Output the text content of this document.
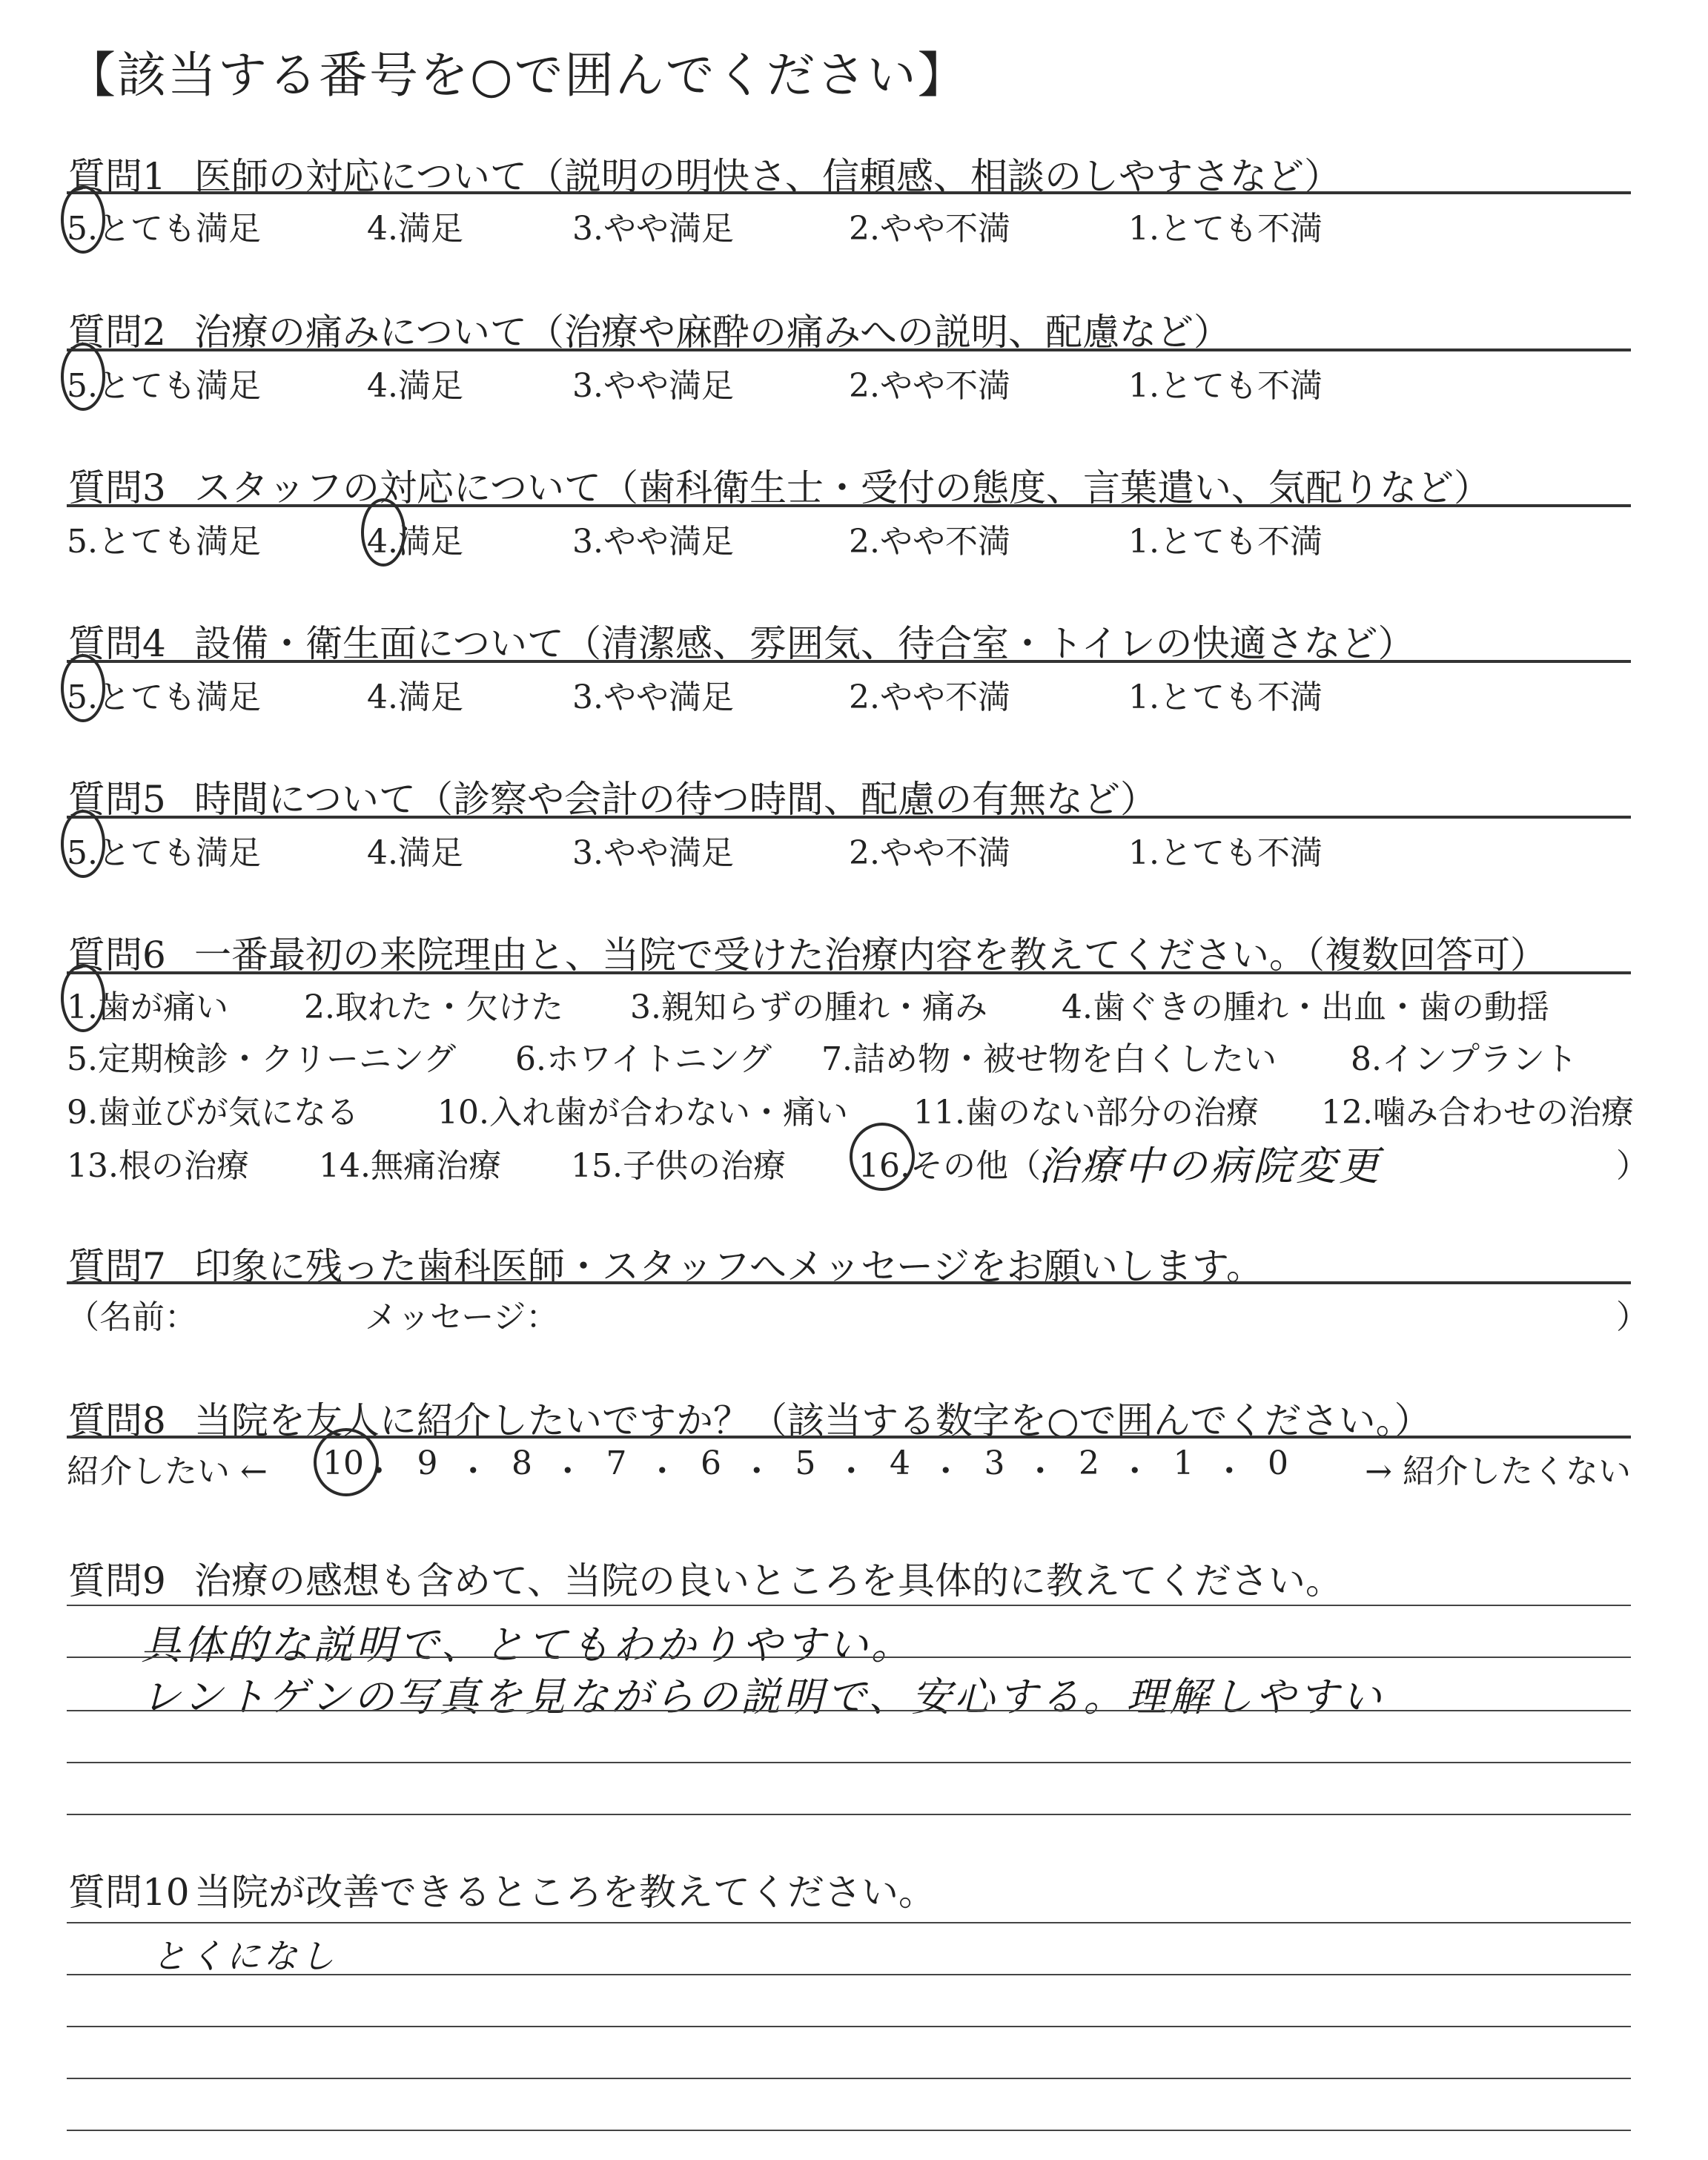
【該当する番号を○で囲んでください】
質問1 医師の対応について（説明の明快さ、信頼感、相談のしやすさなど）
5.とても満足	4.満足	3.やや満足	2.やや不満	1.とても不満
質問2 治療の痛みについて（治療や麻酔の痛みへの説明、配慮など）
5.とても満足	4.満足	3.やや満足	2.やや不満	1.とても不満
質問3 スタッフの対応について（歯科衛生士・受付の態度、言葉遣い、気配りなど）
5.とても満足	4.満足	3.やや満足	2.やや不満	1.とても不満
質問4 設備・衛生面について（清潔感、雰囲気、待合室・トイレの快適さなど）
5.とても満足	4.満足	3.やや満足	2.やや不満	1.とても不満
質問5 時間について（診察や会計の待つ時間、配慮の有無など）
5.とても満足	4.満足	3.やや満足	2.やや不満	1.とても不満
質問6 一番最初の来院理由と、当院で受けた治療内容を教えてください。（複数回答可）
1.歯が痛い 2.取れた・欠けた 3.親知らずの腫れ・痛み 4.歯ぐきの腫れ・出血・歯の動揺
5.定期検診・クリーニング 6.ホワイトニング 7.詰め物・被せ物を白くしたい 8.インプラント
9.歯並びが気になる 10.入れ歯が合わない・痛い 11.歯のない部分の治療 12.噛み合わせの治療
13.根の治療 14.無痛治療 15.子供の治療 16.その他（
治療中の病院変更	）
質問7 印象に残った歯科医師・スタッフへメッセージをお願いします。
（名前：	メッセージ：	）
質問8 当院を友人に紹介したいですか？（該当する数字を○で囲んでください。）
紹介したい ←	→ 紹介したくない
10
・ 9 ・ 8 ・ 7 ・ 6 ・ 5 ・ 4 ・ 3 ・ 2 ・ 1 ・ 0
質問9 治療の感想も含めて、当院の良いところを具体的に教えてください。
具体的な説明で、とてもわかりやすい。
レントゲンの写真を見ながらの説明で、安心する。理解しやすい
質問10 当院が改善できるところを教えてください。
とくになし
